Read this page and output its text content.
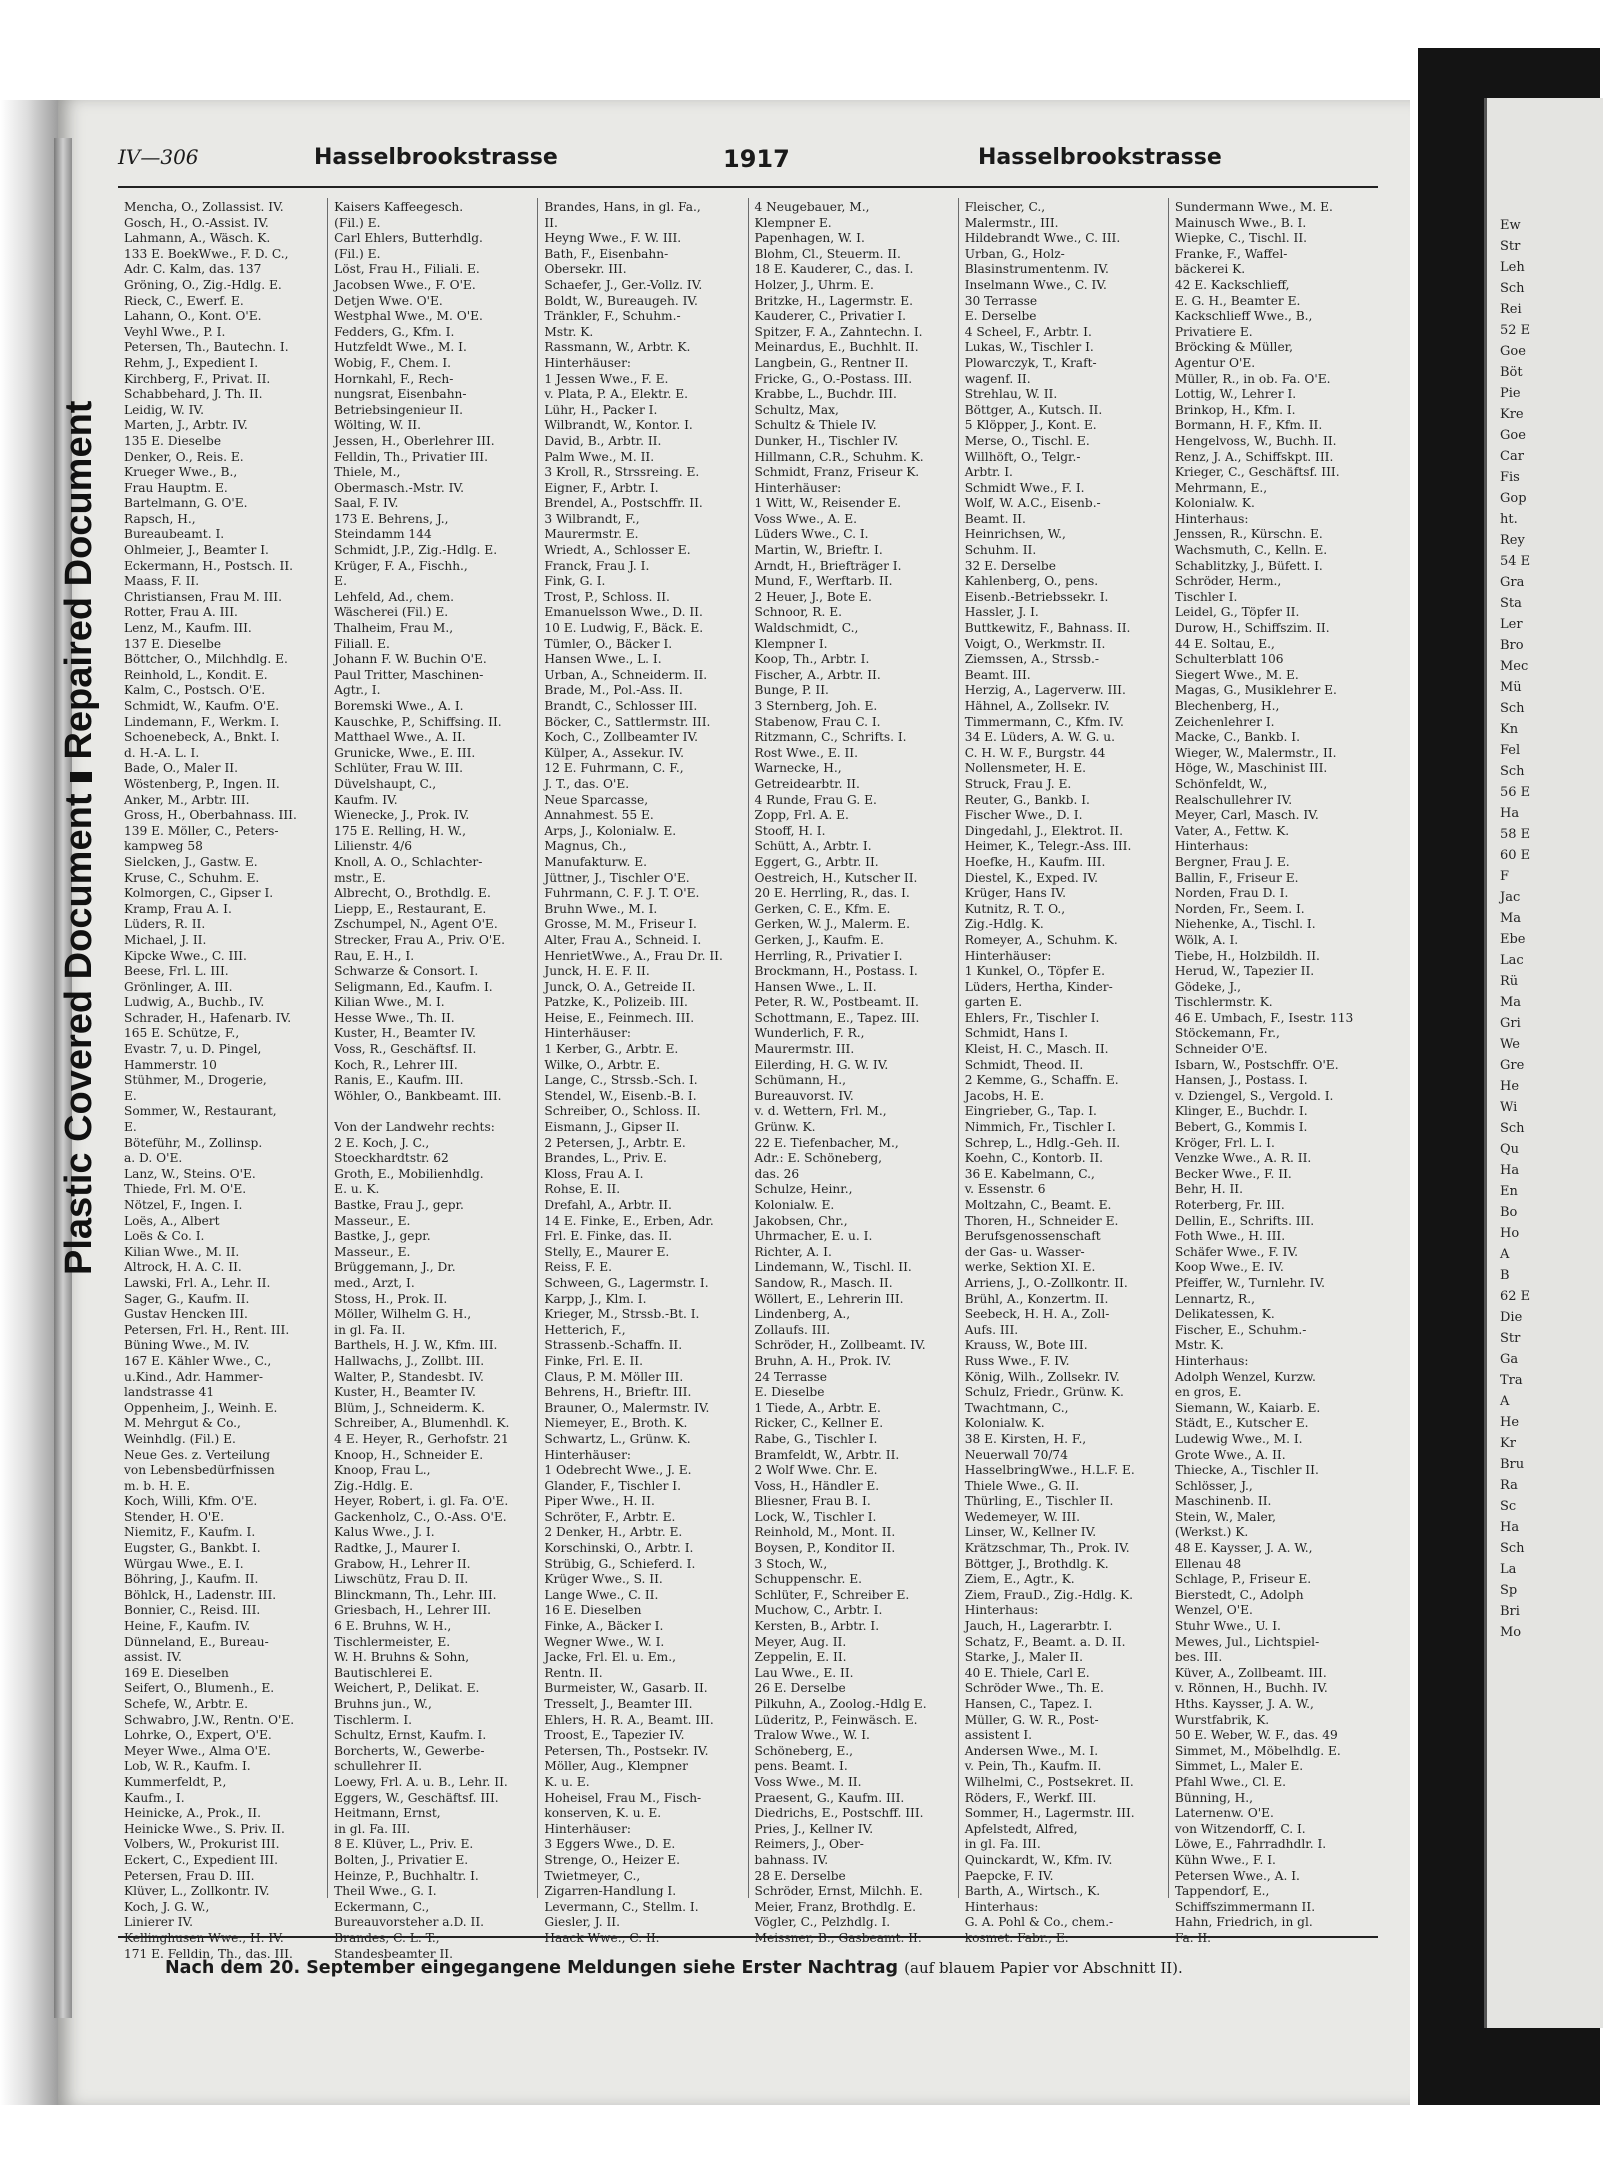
Plastic Covered DocumentRepaired Document
IV—306	Hasselbrookstrasse	1917	Hasselbrookstrasse
Mencha, O., Zollassist. IV.
Gosch, H., O.-Assist. IV.
Lahmann, A., Wäsch. K.
133 E. BoekWwe., F. D. C.,
Adr. C. Kalm, das. 137
Gröning, O., Zig.-Hdlg. E.
Rieck, C., Ewerf. E.
Lahann, O., Kont. O'E.
Veyhl Wwe., P. I.
Petersen, Th., Bautechn. I.
Rehm, J., Expedient I.
Kirchberg, F., Privat. II.
Schabbehard, J. Th. II.
Leidig, W. IV.
Marten, J., Arbtr. IV.
135 E. Dieselbe
Denker, O., Reis. E.
Krueger Wwe., B.,
Frau Hauptm. E.
Bartelmann, G. O'E.
Rapsch, H.,
Bureaubeamt. I.
Ohlmeier, J., Beamter I.
Eckermann, H., Postsch. II.
Maass, F. II.
Christiansen, Frau M. III.
Rotter, Frau A. III.
Lenz, M., Kaufm. III.
137 E. Dieselbe
Böttcher, O., Milchhdlg. E.
Reinhold, L., Kondit. E.
Kalm, C., Postsch. O'E.
Schmidt, W., Kaufm. O'E.
Lindemann, F., Werkm. I.
Schoenebeck, A., Bnkt. I.
d. H.-A. L. I.
Bade, O., Maler II.
Wöstenberg, P., Ingen. II.
Anker, M., Arbtr. III.
Gross, H., Oberbahnass. III.
139 E. Möller, C., Peters-
kampweg 58
Sielcken, J., Gastw. E.
Kruse, C., Schuhm. E.
Kolmorgen, C., Gipser I.
Kramp, Frau A. I.
Lüders, R. II.
Michael, J. II.
Kipcke Wwe., C. III.
Beese, Frl. L. III.
Grönlinger, A. III.
Ludwig, A., Buchb., IV.
Schrader, H., Hafenarb. IV.
165 E. Schütze, F.,
Evastr. 7, u. D. Pingel,
Hammerstr. 10
Stühmer, M., Drogerie,
E.
Sommer, W., Restaurant,
E.
Böteführ, M., Zollinsp.
a. D. O'E.
Lanz, W., Steins. O'E.
Thiede, Frl. M. O'E.
Nötzel, F., Ingen. I.
Loës, A., Albert
Loës & Co. I.
Kilian Wwe., M. II.
Altrock, H. A. C. II.
Lawski, Frl. A., Lehr. II.
Sager, G., Kaufm. II.
Gustav Hencken III.
Petersen, Frl. H., Rent. III.
Büning Wwe., M. IV.
167 E. Kähler Wwe., C.,
u.Kind., Adr. Hammer-
landstrasse 41
Oppenheim, J., Weinh. E.
M. Mehrgut & Co.,
Weinhdlg. (Fil.) E.
Neue Ges. z. Verteilung
von Lebensbedürfnissen
m. b. H. E.
Koch, Willi, Kfm. O'E.
Stender, H. O'E.
Niemitz, F., Kaufm. I.
Eugster, G., Bankbt. I.
Würgau Wwe., E. I.
Böhring, J., Kaufm. II.
Böhlck, H., Ladenstr. III.
Bonnier, C., Reisd. III.
Heine, F., Kaufm. IV.
Dünneland, E., Bureau-
assist. IV.
169 E. Dieselben
Seifert, O., Blumenh., E.
Schefe, W., Arbtr. E.
Schwabro, J.W., Rentn. O'E.
Lohrke, O., Expert, O'E.
Meyer Wwe., Alma O'E.
Lob, W. R., Kaufm. I.
Kummerfeldt, P.,
Kaufm., I.
Heinicke, A., Prok., II.
Heinicke Wwe., S. Priv. II.
Volbers, W., Prokurist III.
Eckert, C., Expedient III.
Petersen, Frau D. III.
Klüver, L., Zollkontr. IV.
Koch, J. G. W.,
Linierer IV.
171 E. Felldin, Th., das. III.
Kaisers Kaffeegesch.
(Fil.) E.
Carl Ehlers, Butterhdlg.
(Fil.) E.
Löst, Frau H., Filiali. E.
Jacobsen Wwe., F. O'E.
Detjen Wwe. O'E.
Westphal Wwe., M. O'E.
Fedders, G., Kfm. I.
Hutzfeldt Wwe., M. I.
Wobig, F., Chem. I.
Hornkahl, F., Rech-
nungsrat, Eisenbahn-
Betriebsingenieur II.
Wölting, W. II.
Jessen, H., Oberlehrer III.
Felldin, Th., Privatier III.
Thiele, M.,
Obermasch.-Mstr. IV.
Saal, F. IV.
173 E. Behrens, J.,
Steindamm 144
Schmidt, J.P., Zig.-Hdlg. E.
Krüger, F. A., Fischh.,
E.
Lehfeld, Ad., chem.
Wäscherei (Fil.) E.
Thalheim, Frau M.,
Filiall. E.
Johann F. W. Buchin O'E.
Paul Tritter, Maschinen-
Agtr., I.
Boremski Wwe., A. I.
Kauschke, P., Schiffsing. II.
Matthael Wwe., A. II.
Grunicke, Wwe., E. III.
Schlüter, Frau W. III.
Düvelshaupt, C.,
Kaufm. IV.
Wienecke, J., Prok. IV.
175 E. Relling, H. W.,
Lilienstr. 4/6
Knoll, A. O., Schlachter-
mstr., E.
Albrecht, O., Brothdlg. E.
Liepp, E., Restaurant, E.
Zschumpel, N., Agent O'E.
Strecker, Frau A., Priv. O'E.
Rau, E. H., I.
Schwarze & Consort. I.
Seligmann, Ed., Kaufm. I.
Kilian Wwe., M. I.
Hesse Wwe., Th. II.
Kuster, H., Beamter IV.
Voss, R., Geschäftsf. II.
Koch, R., Lehrer III.
Ranis, E., Kaufm. III.
Wöhler, O., Bankbeamt. III.

Von der Landwehr rechts:
2 E. Koch, J. C.,
Stoeckhardtstr. 62
Groth, E., Mobilienhdlg.
E. u. K.
Bastke, Frau J., gepr.
Masseur., E.
Bastke, J., gepr.
Masseur., E.
Brüggemann, J., Dr.
med., Arzt, I.
Stoss, H., Prok. II.
Möller, Wilhelm G. H.,
in gl. Fa. II.
Barthels, H. J. W., Kfm. III.
Hallwachs, J., Zollbt. III.
Walter, P., Standesbt. IV.
Kuster, H., Beamter IV.
Blüm, J., Schneiderm. K.
Schreiber, A., Blumenhdl. K.
4 E. Heyer, R., Gerhofstr. 21
Knoop, H., Schneider E.
Knoop, Frau L.,
Zig.-Hdlg. E.
Heyer, Robert, i. gl. Fa. O'E.
Gackenholz, C., O.-Ass. O'E.
Kalus Wwe., J. I.
Radtke, J., Maurer I.
Grabow, H., Lehrer II.
Liwschütz, Frau D. II.
Blinckmann, Th., Lehr. III.
Griesbach, H., Lehrer III.
6 E. Bruhns, W. H.,
Tischlermeister, E.
W. H. Bruhns & Sohn,
Bautischlerei E.
Weichert, P., Delikat. E.
Bruhns jun., W.,
Tischlerm. I.
Schultz, Ernst, Kaufm. I.
Borcherts, W., Gewerbe-
schullehrer II.
Loewy, Frl. A. u. B., Lehr. II.
Eggers, W., Geschäftsf. III.
Heitmann, Ernst,
in gl. Fa. III.
8 E. Klüver, L., Priv. E.
Bolten, J., Privatier E.
Heinze, P., Buchhaltr. I.
Theil Wwe., G. I.
Eckermann, C.,
Bureauvorsteher a.D. II.
Standesbeamter II.
Brandes, Hans, in gl. Fa.,
II.
Heyng Wwe., F. W. III.
Bath, F., Eisenbahn-
Obersekr. III.
Schaefer, J., Ger.-Vollz. IV.
Boldt, W., Bureaugeh. IV.
Tränkler, F., Schuhm.-
Mstr. K.
Rassmann, W., Arbtr. K.
Hinterhäuser:
1 Jessen Wwe., F. E.
v. Plata, P. A., Elektr. E.
Lühr, H., Packer I.
Wilbrandt, W., Kontor. I.
David, B., Arbtr. II.
Palm Wwe., M. II.
3 Kroll, R., Strssreing. E.
Eigner, F., Arbtr. I.
Brendel, A., Postschffr. II.
3 Wilbrandt, F.,
Maurermstr. E.
Wriedt, A., Schlosser E.
Franck, Frau J. I.
Fink, G. I.
Trost, P., Schloss. II.
Emanuelsson Wwe., D. II.
10 E. Ludwig, F., Bäck. E.
Tümler, O., Bäcker I.
Hansen Wwe., L. I.
Urban, A., Schneiderm. II.
Brade, M., Pol.-Ass. II.
Brandt, C., Schlosser III.
Böcker, C., Sattlermstr. III.
Koch, C., Zollbeamter IV.
Külper, A., Assekur. IV.
12 E. Fuhrmann, C. F.,
J. T., das. O'E.
Neue Sparcasse,
Annahmest. 55 E.
Arps, J., Kolonialw. E.
Magnus, Ch.,
Manufakturw. E.
Jüttner, J., Tischler O'E.
Fuhrmann, C. F. J. T. O'E.
Bruhn Wwe., M. I.
Grosse, M. M., Friseur I.
Alter, Frau A., Schneid. I.
HenrietWwe., A., Frau Dr. II.
Junck, H. E. F. II.
Junck, O. A., Getreide II.
Patzke, K., Polizeib. III.
Heise, E., Feinmech. III.
Hinterhäuser:
1 Kerber, G., Arbtr. E.
Wilke, O., Arbtr. E.
Lange, C., Strssb.-Sch. I.
Stendel, W., Eisenb.-B. I.
Schreiber, O., Schloss. II.
Eismann, J., Gipser II.
2 Petersen, J., Arbtr. E.
Brandes, L., Priv. E.
Kloss, Frau A. I.
Rohse, E. II.
Drefahl, A., Arbtr. II.
14 E. Finke, E., Erben, Adr.
Frl. E. Finke, das. II.
Stelly, E., Maurer E.
Reiss, F. E.
Schween, G., Lagermstr. I.
Karpp, J., Klm. I.
Krieger, M., Strssb.-Bt. I.
Hetterich, F.,
Strassenb.-Schaffn. II.
Finke, Frl. E. II.
Claus, P. M. Möller III.
Behrens, H., Brieftr. III.
Brauner, O., Malermstr. IV.
Niemeyer, E., Broth. K.
Schwartz, L., Grünw. K.
Hinterhäuser:
1 Odebrecht Wwe., J. E.
Glander, F., Tischler I.
Piper Wwe., H. II.
Schröter, F., Arbtr. E.
2 Denker, H., Arbtr. E.
Korschinski, O., Arbtr. I.
Strübig, G., Schieferd. I.
Krüger Wwe., S. II.
Lange Wwe., C. II.
16 E. Dieselben
Finke, A., Bäcker I.
Wegner Wwe., W. I.
Jacke, Frl. El. u. Em.,
Rentn. II.
Burmeister, W., Gasarb. II.
Tresselt, J., Beamter III.
Ehlers, H. R. A., Beamt. III.
Troost, E., Tapezier IV.
Petersen, Th., Postsekr. IV.
Möller, Aug., Klempner
K. u. E.
Hoheisel, Frau M., Fisch-
konserven, K. u. E.
Hinterhäuser:
3 Eggers Wwe., D. E.
Strenge, O., Heizer E.
Twietmeyer, C.,
Zigarren-Handlung I.
Levermann, C., Stellm. I.
Giesler, J. II.
4 Neugebauer, M.,
Klempner E.
Papenhagen, W. I.
Blohm, Cl., Steuerm. II.
18 E. Kauderer, C., das. I.
Holzer, J., Uhrm. E.
Britzke, H., Lagermstr. E.
Kauderer, C., Privatier I.
Spitzer, F. A., Zahntechn. I.
Meinardus, E., Buchhlt. II.
Langbein, G., Rentner II.
Fricke, G., O.-Postass. III.
Krabbe, L., Buchdr. III.
Schultz, Max,
Schultz & Thiele IV.
Dunker, H., Tischler IV.
Hillmann, C.R., Schuhm. K.
Schmidt, Franz, Friseur K.
Hinterhäuser:
1 Witt, W., Reisender E.
Voss Wwe., A. E.
Lüders Wwe., C. I.
Martin, W., Brieftr. I.
Arndt, H., Briefträger I.
Mund, F., Werftarb. II.
2 Heuer, J., Bote E.
Schnoor, R. E.
Waldschmidt, C.,
Klempner I.
Koop, Th., Arbtr. I.
Fischer, A., Arbtr. II.
Bunge, P. II.
3 Sternberg, Joh. E.
Stabenow, Frau C. I.
Ritzmann, C., Schrifts. I.
Rost Wwe., E. II.
Warnecke, H.,
Getreidearbtr. II.
4 Runde, Frau G. E.
Zopp, Frl. A. E.
Stooff, H. I.
Schütt, A., Arbtr. I.
Eggert, G., Arbtr. II.
Oestreich, H., Kutscher II.
20 E. Herrling, R., das. I.
Gerken, C. E., Kfm. E.
Gerken, W. J., Malerm. E.
Gerken, J., Kaufm. E.
Herrling, R., Privatier I.
Brockmann, H., Postass. I.
Hansen Wwe., L. II.
Peter, R. W., Postbeamt. II.
Schottmann, E., Tapez. III.
Wunderlich, F. R.,
Maurermstr. III.
Eilerding, H. G. W. IV.
Schümann, H.,
Bureauvorst. IV.
v. d. Wettern, Frl. M.,
Grünw. K.
22 E. Tiefenbacher, M.,
Adr.: E. Schöneberg,
das. 26
Schulze, Heinr.,
Kolonialw. E.
Jakobsen, Chr.,
Uhrmacher, E. u. I.
Richter, A. I.
Lindemann, W., Tischl. II.
Sandow, R., Masch. II.
Wöllert, E., Lehrerin III.
Lindenberg, A.,
Zollaufs. III.
Schröder, H., Zollbeamt. IV.
Bruhn, A. H., Prok. IV.
24 Terrasse
E. Dieselbe
1 Tiede, A., Arbtr. E.
Ricker, C., Kellner E.
Rabe, G., Tischler I.
Bramfeldt, W., Arbtr. II.
2 Wolf Wwe. Chr. E.
Voss, H., Händler E.
Bliesner, Frau B. I.
Lock, W., Tischler I.
Reinhold, M., Mont. II.
Boysen, P., Konditor II.
3 Stoch, W.,
Schuppenschr. E.
Schlüter, F., Schreiber E.
Muchow, C., Arbtr. I.
Kersten, B., Arbtr. I.
Meyer, Aug. II.
Zeppelin, E. II.
Lau Wwe., E. II.
26 E. Derselbe
Pilkuhn, A., Zoolog.-Hdlg E.
Lüderitz, P., Feinwäsch. E.
Tralow Wwe., W. I.
Schöneberg, E.,
pens. Beamt. I.
Voss Wwe., M. II.
Praesent, G., Kaufm. III.
Diedrichs, E., Postschff. III.
Pries, J., Kellner IV.
Reimers, J., Ober-
bahnass. IV.
28 E. Derselbe
Schröder, Ernst, Milchh. E.
Meier, Franz, Brothdlg. E.
Vögler, C., Pelzhdlg. I.
Fleischer, C.,
Malermstr., III.
Hildebrandt Wwe., C. III.
Urban, G., Holz-
Blasinstrumentenm. IV.
Inselmann Wwe., C. IV.
30 Terrasse
E. Derselbe
4 Scheel, F., Arbtr. I.
Lukas, W., Tischler I.
Plowarczyk, T., Kraft-
wagenf. II.
Strehlau, W. II.
Böttger, A., Kutsch. II.
5 Klöpper, J., Kont. E.
Merse, O., Tischl. E.
Willhöft, O., Telgr.-
Arbtr. I.
Schmidt Wwe., F. I.
Wolf, W. A.C., Eisenb.-
Beamt. II.
Heinrichsen, W.,
Schuhm. II.
32 E. Derselbe
Kahlenberg, O., pens.
Eisenb.-Betriebssekr. I.
Hassler, J. I.
Buttkewitz, F., Bahnass. II.
Voigt, O., Werkmstr. II.
Ziemssen, A., Strssb.-
Beamt. III.
Herzig, A., Lagerverw. III.
Hähnel, A., Zollsekr. IV.
Timmermann, C., Kfm. IV.
34 E. Lüders, A. W. G. u.
C. H. W. F., Burgstr. 44
Nollensmeter, H. E.
Struck, Frau J. E.
Reuter, G., Bankb. I.
Fischer Wwe., D. I.
Dingedahl, J., Elektrot. II.
Heimer, K., Telegr.-Ass. III.
Hoefke, H., Kaufm. III.
Diestel, K., Exped. IV.
Krüger, Hans IV.
Kutnitz, R. T. O.,
Zig.-Hdlg. K.
Romeyer, A., Schuhm. K.
Hinterhäuser:
1 Kunkel, O., Töpfer E.
Lüders, Hertha, Kinder-
garten E.
Ehlers, Fr., Tischler I.
Schmidt, Hans I.
Kleist, H. C., Masch. II.
Schmidt, Theod. II.
2 Kemme, G., Schaffn. E.
Jacobs, H. E.
Eingrieber, G., Tap. I.
Nimmich, Fr., Tischler I.
Schrep, L., Hdlg.-Geh. II.
Koehn, C., Kontorb. II.
36 E. Kabelmann, C.,
v. Essenstr. 6
Moltzahn, C., Beamt. E.
Thoren, H., Schneider E.
Berufsgenossenschaft
der Gas- u. Wasser-
werke, Sektion XI. E.
Arriens, J., O.-Zollkontr. II.
Brühl, A., Konzertm. II.
Seebeck, H. H. A., Zoll-
Aufs. III.
Krauss, W., Bote III.
Russ Wwe., F. IV.
König, Wilh., Zollsekr. IV.
Schulz, Friedr., Grünw. K.
Twachtmann, C.,
Kolonialw. K.
38 E. Kirsten, H. F.,
Neuerwall 70/74
HasselbringWwe., H.L.F. E.
Thiele Wwe., G. II.
Thürling, E., Tischler II.
Wedemeyer, W. III.
Linser, W., Kellner IV.
Krätzschmar, Th., Prok. IV.
Böttger, J., Brothdlg. K.
Ziem, E., Agtr., K.
Ziem, FrauD., Zig.-Hdlg. K.
Hinterhaus:
Jauch, H., Lagerarbtr. I.
Schatz, F., Beamt. a. D. II.
Starke, J., Maler II.
40 E. Thiele, Carl E.
Schröder Wwe., Th. E.
Hansen, C., Tapez. I.
Müller, G. W. R., Post-
assistent I.
Andersen Wwe., M. I.
v. Pein, Th., Kaufm. II.
Wilhelmi, C., Postsekret. II.
Röders, F., Werkf. III.
Sommer, H., Lagermstr. III.
Apfelstedt, Alfred,
in gl. Fa. III.
Quinckardt, W., Kfm. IV.
Paepcke, F. IV.
Barth, A., Wirtsch., K.
Hinterhaus:
G. A. Pohl & Co., chem.-
Sundermann Wwe., M. E.
Mainusch Wwe., B. I.
Wiepke, C., Tischl. II.
Franke, F., Waffel-
bäckerei K.
42 E. Kackschlieff,
E. G. H., Beamter E.
Kackschlieff Wwe., B.,
Privatiere E.
Bröcking & Müller,
Agentur O'E.
Müller, R., in ob. Fa. O'E.
Lottig, W., Lehrer I.
Brinkop, H., Kfm. I.
Bormann, H. F., Kfm. II.
Hengelvoss, W., Buchh. II.
Renz, J. A., Schiffskpt. III.
Krieger, C., Geschäftsf. III.
Mehrmann, E.,
Kolonialw. K.
Hinterhaus:
Jenssen, R., Kürschn. E.
Wachsmuth, C., Kelln. E.
Schablitzky, J., Büfett. I.
Schröder, Herm.,
Tischler I.
Leidel, G., Töpfer II.
Durow, H., Schiffszim. II.
44 E. Soltau, E.,
Schulterblatt 106
Siegert Wwe., M. E.
Magas, G., Musiklehrer E.
Blechenberg, H.,
Zeichenlehrer I.
Macke, C., Bankb. I.
Wieger, W., Malermstr., II.
Höge, W., Maschinist III.
Schönfeldt, W.,
Realschullehrer IV.
Meyer, Carl, Masch. IV.
Vater, A., Fettw. K.
Hinterhaus:
Bergner, Frau J. E.
Ballin, F., Friseur E.
Norden, Frau D. I.
Norden, Fr., Seem. I.
Niehenke, A., Tischl. I.
Wölk, A. I.
Tiebe, H., Holzbildh. II.
Herud, W., Tapezier II.
Gödeke, J.,
Tischlermstr. K.
46 E. Umbach, F., Isestr. 113
Stöckemann, Fr.,
Schneider O'E.
Isbarn, W., Postschffr. O'E.
Hansen, J., Postass. I.
v. Dziengel, S., Vergold. I.
Klinger, E., Buchdr. I.
Bebert, G., Kommis I.
Kröger, Frl. L. I.
Venzke Wwe., A. R. II.
Becker Wwe., F. II.
Behr, H. II.
Roterberg, Fr. III.
Dellin, E., Schrifts. III.
Foth Wwe., H. III.
Schäfer Wwe., F. IV.
Koop Wwe., E. IV.
Pfeiffer, W., Turnlehr. IV.
Lennartz, R.,
Delikatessen, K.
Fischer, E., Schuhm.-
Mstr. K.
Hinterhaus:
Adolph Wenzel, Kurzw.
en gros, E.
Siemann, W., Kaiarb. E.
Städt, E., Kutscher E.
Ludewig Wwe., M. I.
Grote Wwe., A. II.
Thiecke, A., Tischler II.
Schlösser, J.,
Maschinenb. II.
Stein, W., Maler,
(Werkst.) K.
48 E. Kaysser, J. A. W.,
Ellenau 48
Schlage, P., Friseur E.
Bierstedt, C., Adolph
Wenzel, O'E.
Stuhr Wwe., U. I.
Mewes, Jul., Lichtspiel-
bes. III.
Küver, A., Zollbeamt. III.
v. Rönnen, H., Buchh. IV.
Hths. Kaysser, J. A. W.,
Wurstfabrik, K.
50 E. Weber, W. F., das. 49
Simmet, M., Möbelhdlg. E.
Simmet, L., Maler E.
Pfahl Wwe., Cl. E.
Bünning, H.,
Laternenw. O'E.
von Witzendorff, C. I.
Löwe, E., Fahrradhdlr. I.
Kühn Wwe., F. I.
Petersen Wwe., A. I.
Tappendorf, E.,
Schiffszimmermann II.
Hahn, Friedrich, in gl.
Nach dem 20. September eingegangene Meldungen siehe Erster Nachtrag (auf blauem Papier vor Abschnitt II).
Ew
Str
Leh
Sch
Rei
52 E
Goe
Böt
Pie
Kre
Goe
Car
Fis
Gop
ht.
Rey
54 E
Gra
Sta
Ler
Bro
Mec
Mü
Sch
Kn
Fel
Sch
56 E
Ha
58 E
60 E
F
Jac
Ma
Ebe
Lac
Rü
Ma
Gri
We
Gre
He
Wi
Sch
Qu
Ha
En
Bo
Ho
A
B
62 E
Die
Str
Ga
Tra
A
He
Kr
Bru
Ra
Sc
Ha
Sch
La
Sp
Bri
Mo
